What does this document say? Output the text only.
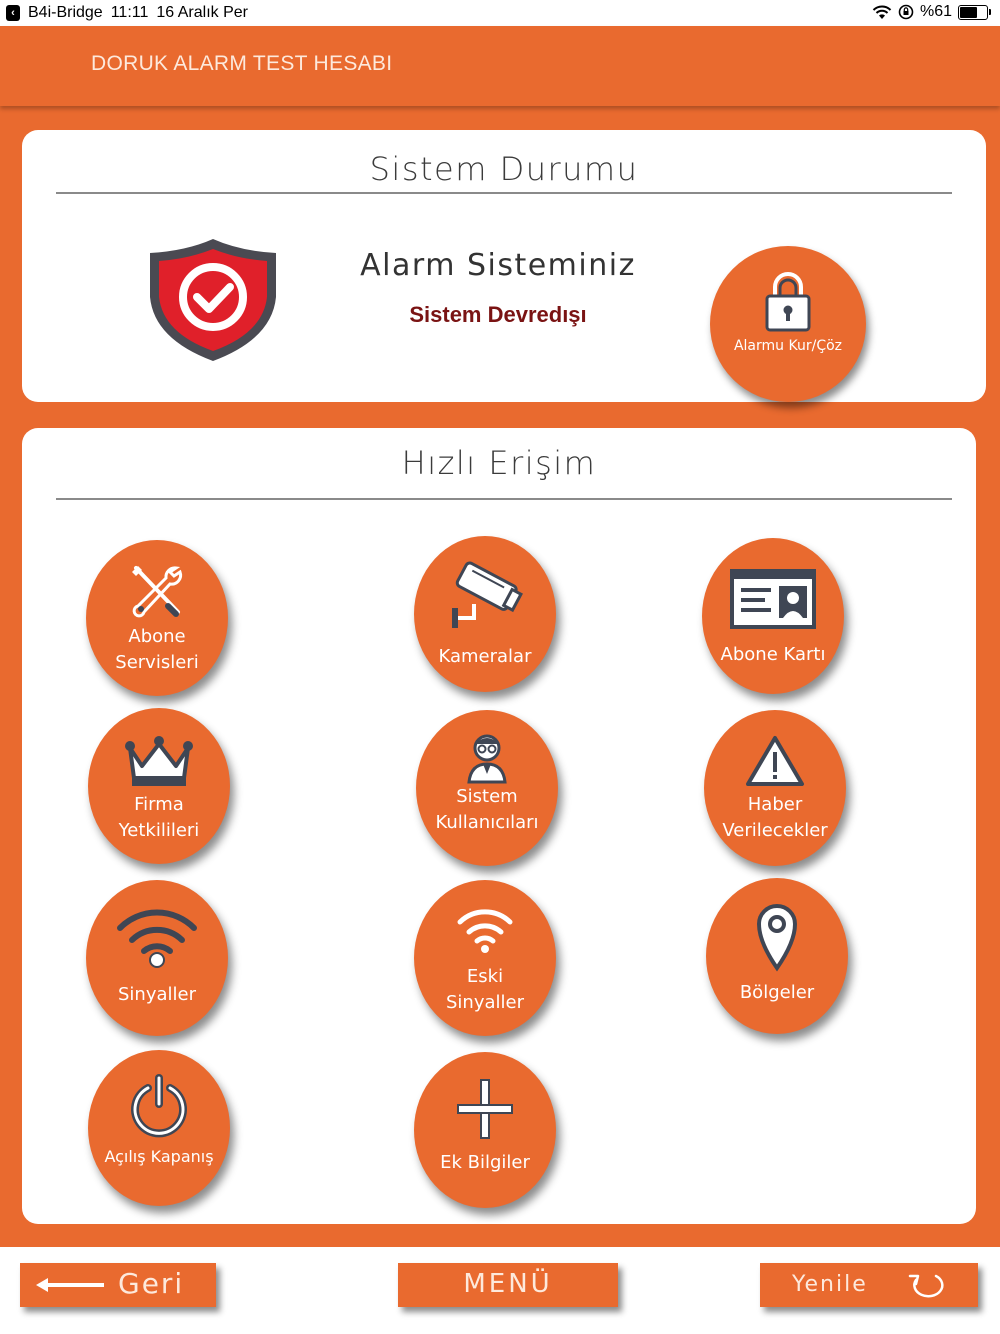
‹ B4i-Bridge 11:11 16 Aralık Per	%61
DORUK ALARM TEST HESABI
Sistem Durumu
Alarm Sisteminiz
Sistem Devredışı
Alarmu Kur/Çöz
Hızlı Erişim
Abone
Servisleri	Kameralar	Abone Kartı
Firma
Yetkilileri
Sistem
Kullanıcıları
Haber
Verilecekler
Sinyaller
Eski
Sinyaller	Bölgeler
Açılış Kapanış	Ek Bilgiler
Geri	MENÜ	Yenile
